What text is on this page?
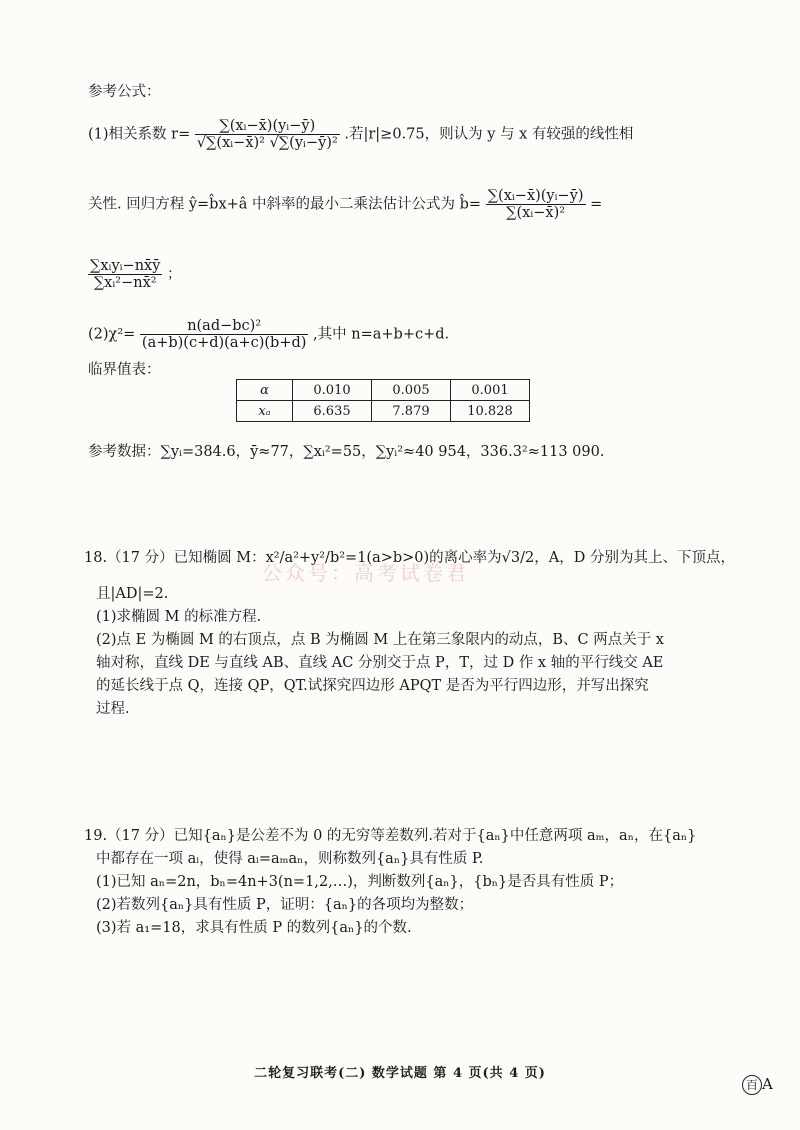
参考公式：
(1)相关系数 $r= \frac{\text{∑(xᵢ−x̄)(yᵢ−ȳ)}}{\text{√∑(xᵢ−x̄)² √∑(yᵢ−ȳ)²}}$ .若|r|≥0.75，则认为 y 与 x 有较强的线性相
关性. 回归方程 ŷ=b̂x+â 中斜率的最小二乘法估计公式为 b̂= $\frac{\text{∑(xᵢ−x̄)(yᵢ−ȳ)}}{\text{∑(xᵢ−x̄)²}}$ =
$\frac{\text{∑xᵢyᵢ−nx̄ȳ}}{\text{∑xᵢ²−nx̄²}}$ ；
$(2)\chi^2= \frac{\text{n(ad−bc)²}}{(a+b)(c+d)(a+c)(b+d)}$ ,其中 n=a+b+c+d.
临界值表：
α	0.010	0.005	0.001
xₐ	6.635	7.879	10.828
参考数据：∑yᵢ=384.6，ȳ≈77，∑xᵢ²=55，∑yᵢ²≈40 954，336.3²≈113 090.
18.（17 分）已知椭圆 M：x²/a²+y²/b²=1(a>b>0)的离心率为√3/2，A，D 分别为其上、下顶点，
且|AD|=2.
(1)求椭圆 M 的标准方程.
(2)点 E 为椭圆 M 的右顶点，点 B 为椭圆 M 上在第三象限内的动点，B、C 两点关于 x
轴对称，直线 DE 与直线 AB、直线 AC 分别交于点 P，T，过 D 作 x 轴的平行线交 AE
的延长线于点 Q，连接 QP，QT.试探究四边形 APQT 是否为平行四边形，并写出探究
过程.
公众号：高考试卷君
19.（17 分）已知{aₙ}是公差不为 0 的无穷等差数列.若对于{aₙ}中任意两项 aₘ，aₙ，在{aₙ}
中都存在一项 aᵢ，使得 aᵢ=aₘaₙ，则称数列{aₙ}具有性质 P.
(1)已知 aₙ=2n，bₙ=4n+3(n=1,2,…)，判断数列{aₙ}，{bₙ}是否具有性质 P；
(2)若数列{aₙ}具有性质 P，证明：{aₙ}的各项均为整数；
(3)若 a₁=18，求具有性质 P 的数列{aₙ}的个数.
二轮复习联考(二) 数学试题 第 4 页(共 4 页)
百 A
